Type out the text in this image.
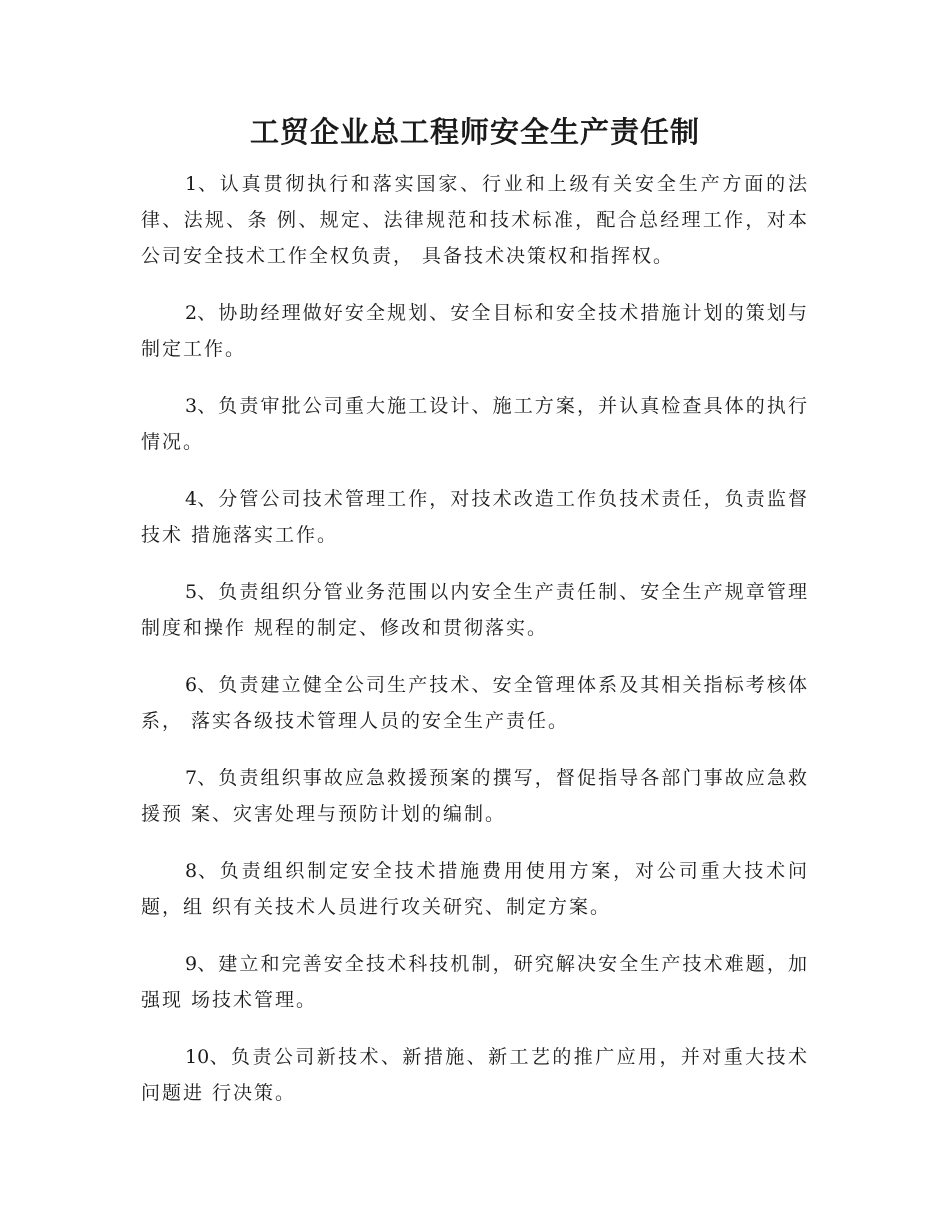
工贸企业总工程师安全生产责任制

1、认真贯彻执行和落实国家、行业和上级有关安全生产方面的法律、法规、条 例、规定、法律规范和技术标准，配合总经理工作，对本公司安全技术工作全权负责， 具备技术决策权和指挥权。

2、协助经理做好安全规划、安全目标和安全技术措施计划的策划与制定工作。

3、负责审批公司重大施工设计、施工方案，并认真检查具体的执行情况。

4、分管公司技术管理工作，对技术改造工作负技术责任，负责监督技术 措施落实工作。

5、负责组织分管业务范围以内安全生产责任制、安全生产规章管理制度和操作 规程的制定、修改和贯彻落实。

6、负责建立健全公司生产技术、安全管理体系及其相关指标考核体系， 落实各级技术管理人员的安全生产责任。

7、负责组织事故应急救援预案的撰写，督促指导各部门事故应急救援预 案、灾害处理与预防计划的编制。

8、负责组织制定安全技术措施费用使用方案，对公司重大技术问题，组 织有关技术人员进行攻关研究、制定方案。

9、建立和完善安全技术科技机制，研究解决安全生产技术难题，加强现 场技术管理。

10、负责公司新技术、新措施、新工艺的推广应用，并对重大技术问题进 行决策。
